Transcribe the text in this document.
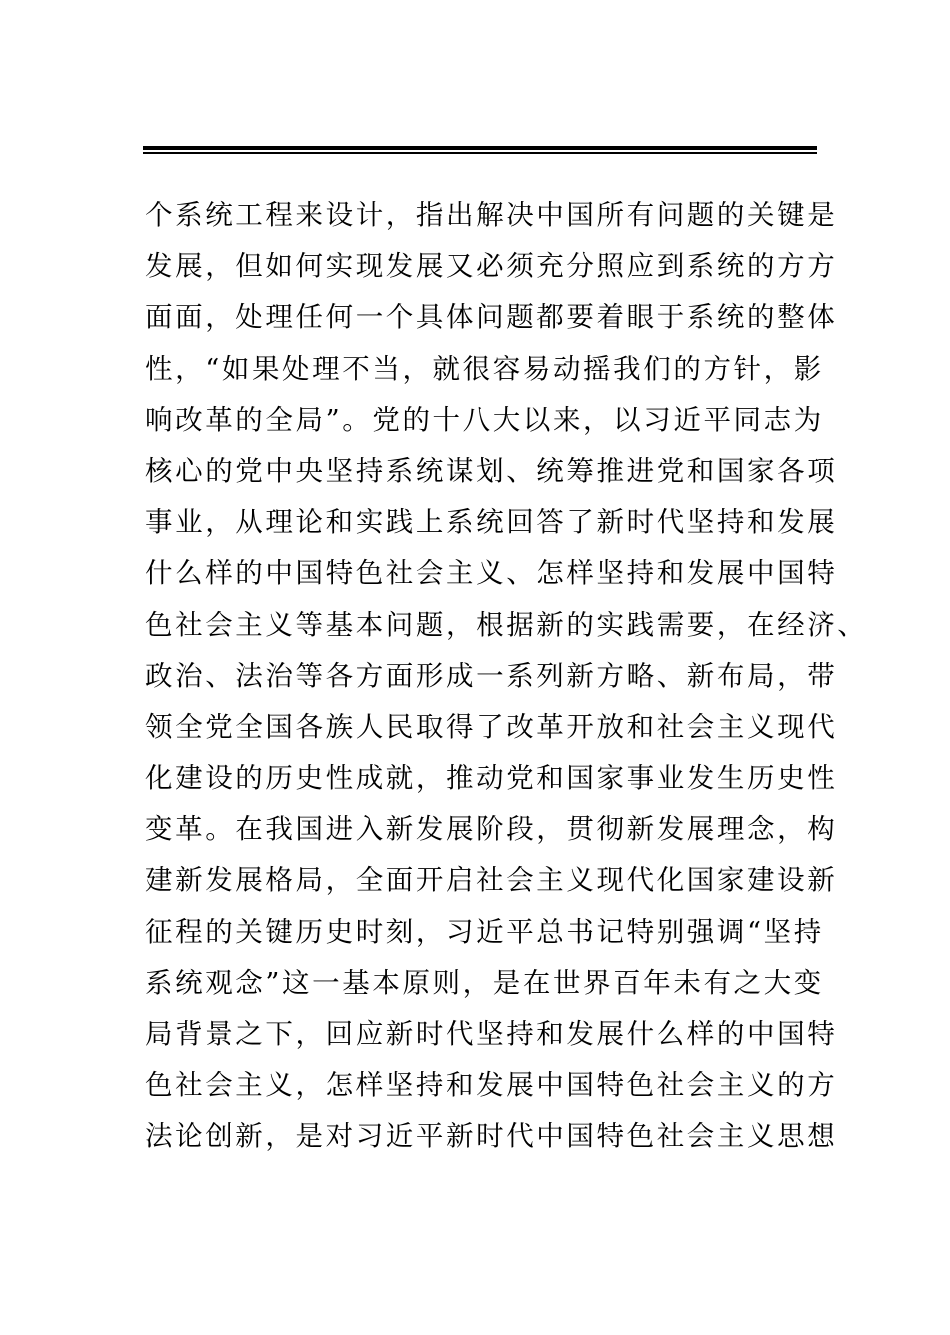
个系统工程来设计，指出解决中国所有问题的关键是
发展，但如何实现发展又必须充分照应到系统的方方
面面，处理任何一个具体问题都要着眼于系统的整体
性，“如果处理不当，就很容易动摇我们的方针，影
响改革的全局”。党的十八大以来，以习近平同志为
核心的党中央坚持系统谋划、统筹推进党和国家各项
事业，从理论和实践上系统回答了新时代坚持和发展
什么样的中国特色社会主义、怎样坚持和发展中国特
色社会主义等基本问题，根据新的实践需要，在经济、
政治、法治等各方面形成一系列新方略、新布局，带
领全党全国各族人民取得了改革开放和社会主义现代
化建设的历史性成就，推动党和国家事业发生历史性
变革。在我国进入新发展阶段，贯彻新发展理念，构
建新发展格局，全面开启社会主义现代化国家建设新
征程的关键历史时刻，习近平总书记特别强调“坚持
系统观念”这一基本原则，是在世界百年未有之大变
局背景之下，回应新时代坚持和发展什么样的中国特
色社会主义，怎样坚持和发展中国特色社会主义的方
法论创新，是对习近平新时代中国特色社会主义思想
